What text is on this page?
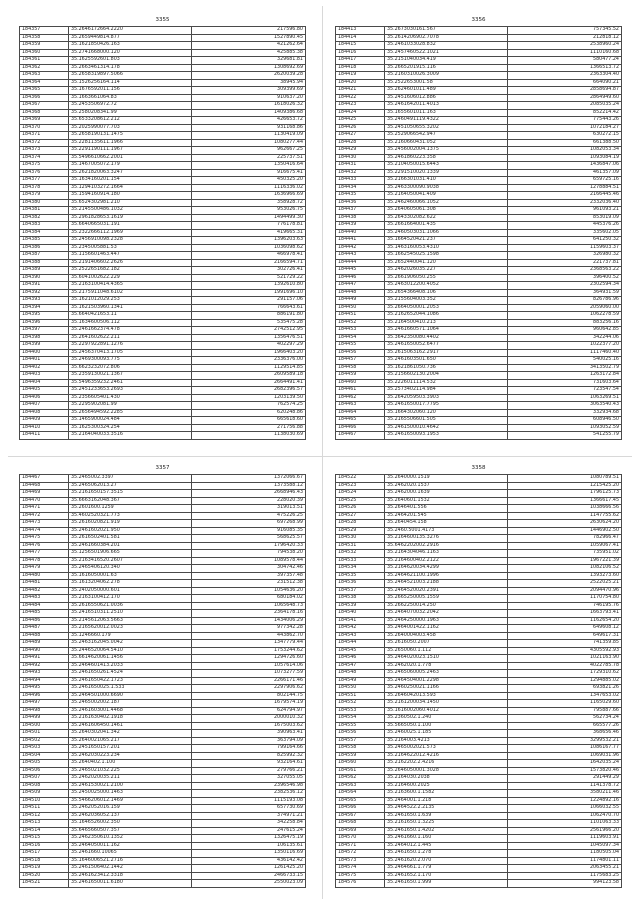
3355
184357	35.2646172664.2220	217596.80
184358	35.2659449814.877	1527890.45
184359	35.1621850426.163	421262.64
184360	35.2741668000.120	425885.38
184361	35.1625592601.803	329681.81
184362	35.2663461314.178	1308692.69
184363	35.2658319897.5066	2620039.28
184364	35.1526256164.114	38945.94
184365	35.1676592011.156	309399.69
184366	35.1663661064.83	910637.20
184367	35.2453506972.72	1618026.32
184368	35.2580208341.99	1409386.68
184369	35.6533208612.212	426653.72
184370	35.2025990077.703	931168.86
184371	35.2658190131.1475	1130419.09
184372	35.2281135611.1966	1080277.44
184373	35.2291190111.1967	962667.25
184374	35.5496610662.2001	225737.51
184375	35.1467005072.179	1350416.64
184376	35.2621820063.3247	916675.41
184377	35.1634160201.154	450325.20
184378	35.1294103272.1664	1116336.02
184379	35.1594160914.180	1636966.69
184380	35.6524302981.210	358928.72
184381	35.2145500486.1032	953026.75
184382	35.2961828653.1619	1494499.30
184383	35.6640665031.191	776178.81
184384	35.2322666112.1969	419665.31
184385	35.2456910098.2328	1396203.63
184386	35.2345005881.53	1036098.62
184387	35.1156601463.447	466978.41
184388	35.2191406602.2626	2166594.71
184389	35.2522651682.182	302726.41
184390	35.6041002622.229	521729.22
184391	35.2163100414.4365	1392610.80
184392	35.2175911048.6102	1991696.10
184393	35.1621012029.253	291157.06
184394	35.1621503960.1341	766643.61
184395	35.6640421653.11	886191.80
184396	35.1634600506.112	535475.28
184397	35.2461662374.478	2742512.95
184398	35.2641602622.211	1356476.51
184399	35.2297922891.1276	402297.29
184400	35.2456370413.1705	1966403.20
184401	35.2469300093.775	2336376.00
184402	35.6623232072.806	1129514.85
184403	35.2359130021.1367	2609589.18
184404	35.5496359232.2461	2664491.41
184405	35.2451233653.2693	2682396.57
184406	35.2356605401.430	1203139.50
184407	35.2295902081.99	762574.25
184408	35.2656494592.2285	620248.86
184409	35.1465900024.484	665618.60
184410	35.1625300324.254	271756.88
184411	35.2164040033.3516	1138030.69
3356
184413	35.2673030161.567	757345.52
184414	35.2614206902.7078	212818.12
184415	35.2461033028.832	2538960.24
184416	35.2457460522.1021	1110160.68
184417	35.2151040034.419	580477.24
184418	35.2665201915.116	1366513.72
184419	35.2160310026.3009	2363304.40
184420	35.2522653001.58	664090.21
184421	35.2624601011.489	2858694.87
184422	35.2451606012.886	2864949.60
184423	35.2461642011.4013	2085035.24
184424	35.1655601011.163	852214.42
184425	35.2460491119.4322	775443.26
184426	35.2451050655.3202	1072184.27
184427	35.2529066542.947	630272.15
184428	35.2160660431.052	661388.50
184429	35.2456002004.1375	1082053.34
184430	35.2461860223.358	1093084.19
184431	35.2104050015.6443	1436847.06
184432	35.2291510020.1339	461357.09
184433	35.2166301031.410	659725.16
184434	35.2463300090.9038	1278884.51
184435	35.2164050041.409	2166445.46
184436	35.2462460066.1052	2332036.40
184437	35.2640605061.308	961093.21
184438	35.2643302082.622	853019.09
184439	35.2661664001.435	445376.26
184440	35.2460503031.1066	335602.05
184441	35.1664520421.237	641250.32
184442	35.1463160053.4310	1159603.37
184443	35.1662545025.1598	326980.32
184444	35.2652440041.120	221737.81
184445	35.2462026035.227	2368563.22
184446	35.2661906050.255	396400.52
184447	35.2463012200.4052	2302594.34
184448	35.2654366408.106	364931.59
184449	35.2155604003.352	826786.96
184450	35.2664050001.2053	2059060.00
184451	35.2162652044.1086	1062278.59
184452	35.2164500410.213	883256.16
184453	35.2461660571.1064	960642.85
184454	35.3642350080.4402	342244.06
184455	35.2461650052.6477	1022377.20
184456	35.2615063162.2917	1117460.40
184457	35.2461603501.650	540025.16
184458	35.1621861050.736	3413502.79
184459	35.2156602130.2004	1263172.84
184460	35.2226011114.532	731603.64
184461	35.2573402114.984	723547.54
184462	35.2642059503.3903	1063269.51
184463	35.2461650017.7795	3063540.43
184464	35.1664302060.120	332934.68
184465	35.2165506601.505	608946.50
184466	35.2461500010.4642	1093052.59
184467	35.2461650093.1953	541255.79
3357
184467	35.2465002.3397	1372066.67
184468	35.2465062013.27	1373588.12
184469	35.2161650157.3515	2668946.43
184470	35.6663162048.367	228020.39
184471	35.2601600.1259	319013.51
184472	35.4602520321.773	475226.25
184473	35.2616020821.919	697268.99
184474	35.2461602021.950	916085.35
184475	35.2616502401.581	568625.57
184476	35.2461660384.201	1796420.33
184477	35.1256501906.665	794538.20
184478	35.2163416520.2607	1089578.44
184479	35.2465406120.340	304742.46
184480	35.1616050001.63	397357.48
184481	35.1613204062.278	231512.38
184482	35.2402050000.601	1054636.20
184483	35.2163100412.170	680184.02
184484	35.2616550621.0036	1065648.73
184485	35.2416510311.2510	2364178.16
184486	35.2145612063.5663	1434006.29
184487	35.2165620012.0023	977342.28
184488	35.1246660.179	443862.70
184489	35.2463162045.0042	1347779.44
184490	35.2446520064.5410	1753244.62
184491	35.6614620061.1456	1294726.60
184492	35.2464601413.2033	1057614.06
184493	35.2461650261.4524	1073277.59
184494	35.2461650422.1723	2266171.46
184495	35.2461650025.1.533	2297906.62
184496	35.2464501000.6690	802144.75
184497	35.2465002002.187	1679574.19
184498	35.2461603001.4468	624794.97
184499	35.2161630402.1918	2000010.32
184500	35.2461606450.1461	1675003.62
184501	35.2640302041.342	390963.41
184502	35.2640021065.217	363794.09
184503	35.2451650157.201	799164.66
184504	35.2462030223.234	825992.32
184505	35.2640402.1.100	932164.61
184506	35.2465021032.225	279766.21
184507	35.2462020035.211	327055.05
184508	35.2461530021.2100	2396546.98
184509	35.2450025000.1463	2382536.12
184510	35.5466206012.1469	1115193.08
184511	35.2462052016.159	657730.69
184512	35.2462036052.137	374971.21
184513	35.1646526002.350	342258.84
184514	35.6465660507.357	247615.24
184515	35.2462350610.1352	1326475.19
184516	35.2464050011.162	106135.61
184517	35.2461660.10065	1350116.69
184518	35.1646006521.2716	436142.42
184519	35.2461506402.1442	1261425.20
184520	35.2461623412.3318	2466733.15
184521	35.2461650011.6180	2550023.09
3358
184522	35.2640000.1519	1080789.51
184523	35.2462020.1537	1215425.20
184524	35.2462000.1639	1796125.73
184525	35.2640601.1532	1366617.45
184526	35.2646401.556	1038666.56
184527	35.2464201.545	1147755.62
184528	35.2640454.158	2630624.20
184529	35.2460.5001.4173	1446902.50
184530	35.2164600135.3276	782966.47
184531	35.6462202002.2916	1059067.41
184532	35.2164304046.1163	735951.02
184533	35.2164600402.2122	1967221.39
184534	35.2164620034.4299	1082106.52
184535	35.2464621100.1996	1393273.60
184536	35.2464521003.2188	2522025.21
184537	35.2464520020.2391	2094470.96
184538	35.2665250005.1559	1170754.80
184539	35.2662250014.250	746195.76
184540	35.2464070032.2042	1663793.41
184541	35.2464250000.1963	1162654.20
184542	35.2464001422.1162	649608.12
184543	35.2640004003.458	649617.31
184544	35.2616050.2007	741359.85
184545	35.2650060.1.112	4305592.93
184546	35.2464020023.1510	1021163.90
184547	35.2462020.1.778	4022785.78
184548	35.2465060005.2463	1729310.62
184549	35.2464504001.2298	1294885.02
184550	35.2460250021.1166	693821.26
184551	35.2646042013.593	1347653.02
184552	35.2161200034.1450	1165029.60
184553	35.1616002060.4012	795887.66
184554	35.2360502.1.240	562734.24
184555	35.5665050.1.100	665577.26
184556	35.2460025.1.185	368656.46
184557	35.2164003.4213	3299532.21
184558	35.2465002021.573	1086167.77
184559	35.2164622012.4216	1069031.96
184560	35.2162202.2.4216	1642035.24
184561	35.2646050001.3028	1573820.46
184562	35.2164030.2038	291449.29
184563	35.2164600.2025	1141378.72
184564	35.2163600.1.1582	3580211.46
184565	35.2464001.1.218	1224892.16
184566	35.2464522.2.2135	1066032.55
184567	35.2461650.1.639	1062470.70
184568	35.2161650.1.3225	1101063.33
184569	35.2461650.1.4202	2561966.20
184570	35.2461660.1.160	1119603.91
184571	35.2464012.1.445	1045097.34
184572	35.2461650.1.278	1180505.04
184573	35.2461620.2.070	1174801.11
184574	35.2464661.1.779	2063455.21
184575	35.2461652.1.170	1175683.25
184576	35.2461650.1.999	994123.58
